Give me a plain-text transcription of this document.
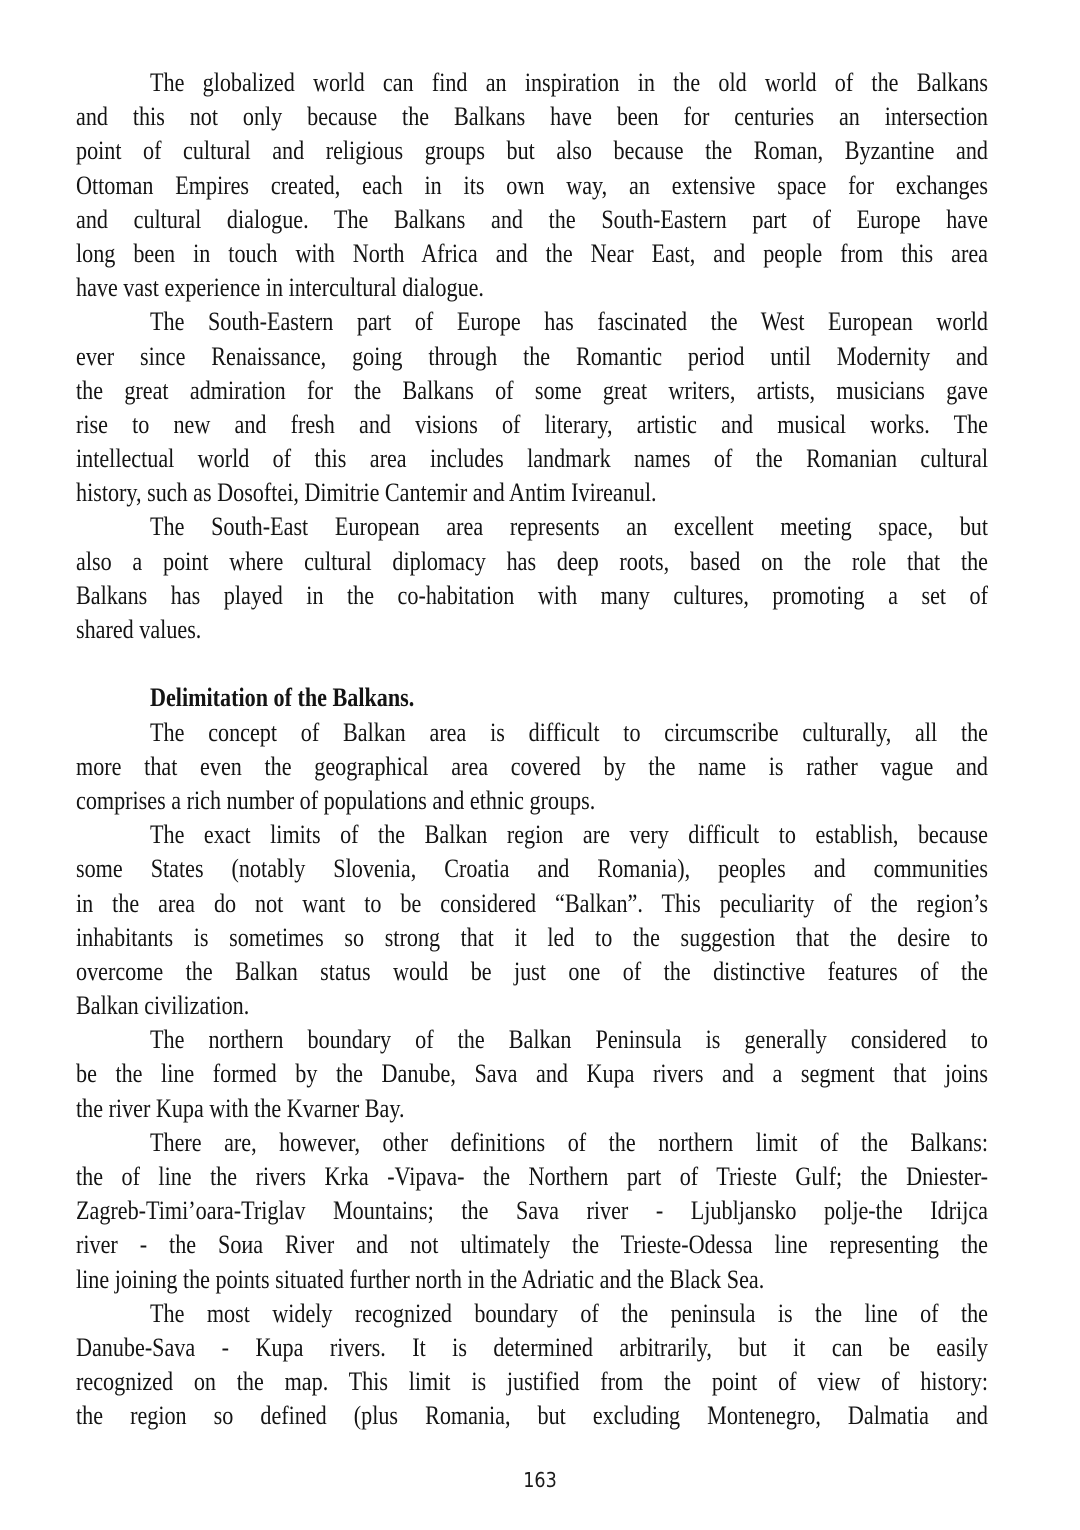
The globalized world can find an inspiration in the old world of the Balkans
and this not only because the Balkans have been for centuries an intersection
point of cultural and religious groups but also because the Roman, Byzantine and
Ottoman Empires created, each in its own way, an extensive space for exchanges
and cultural dialogue. The Balkans and the South-Eastern part of Europe have
long been in touch with North Africa and the Near East, and people from this area
have vast experience in intercultural dialogue.
The South-Eastern part of Europe has fascinated the West European world
ever since Renaissance, going through the Romantic period until Modernity and
the great admiration for the Balkans of some great writers, artists, musicians gave
rise to new and fresh and visions of literary, artistic and musical works. The
intellectual world of this area includes landmark names of the Romanian cultural
history, such as Dosoftei, Dimitrie Cantemir and Antim Ivireanul.
The South-East European area represents an excellent meeting space, but
also a point where cultural diplomacy has deep roots, based on the role that the
Balkans has played in the co-habitation with many cultures, promoting a set of
shared values.
Delimitation of the Balkans.
The concept of Balkan area is difficult to circumscribe culturally, all the
more that even the geographical area covered by the name is rather vague and
comprises a rich number of populations and ethnic groups.
The exact limits of the Balkan region are very difficult to establish, because
some States (notably Slovenia, Croatia and Romania), peoples and communities
in the area do not want to be considered “Balkan”. This peculiarity of the region’s
inhabitants is sometimes so strong that it led to the suggestion that the desire to
overcome the Balkan status would be just one of the distinctive features of the
Balkan civilization.
The northern boundary of the Balkan Peninsula is generally considered to
be the line formed by the Danube, Sava and Kupa rivers and a segment that joins
the river Kupa with the Kvarner Bay.
There are, however, other definitions of the northern limit of the Balkans:
the of line the rivers Krka -Vipava- the Northern part of Trieste Gulf; the Dniester-
Zagreb-Timi’oara-Triglav Mountains; the Sava river - Ljubljansko polje-the Idrijca
river - the Soиa River and not ultimately the Trieste-Odessa line representing the
line joining the points situated further north in the Adriatic and the Black Sea.
The most widely recognized boundary of the peninsula is the line of the
Danube-Sava - Kupa rivers. It is determined arbitrarily, but it can be easily
recognized on the map. This limit is justified from the point of view of history:
the region so defined (plus Romania, but excluding Montenegro, Dalmatia and
163
